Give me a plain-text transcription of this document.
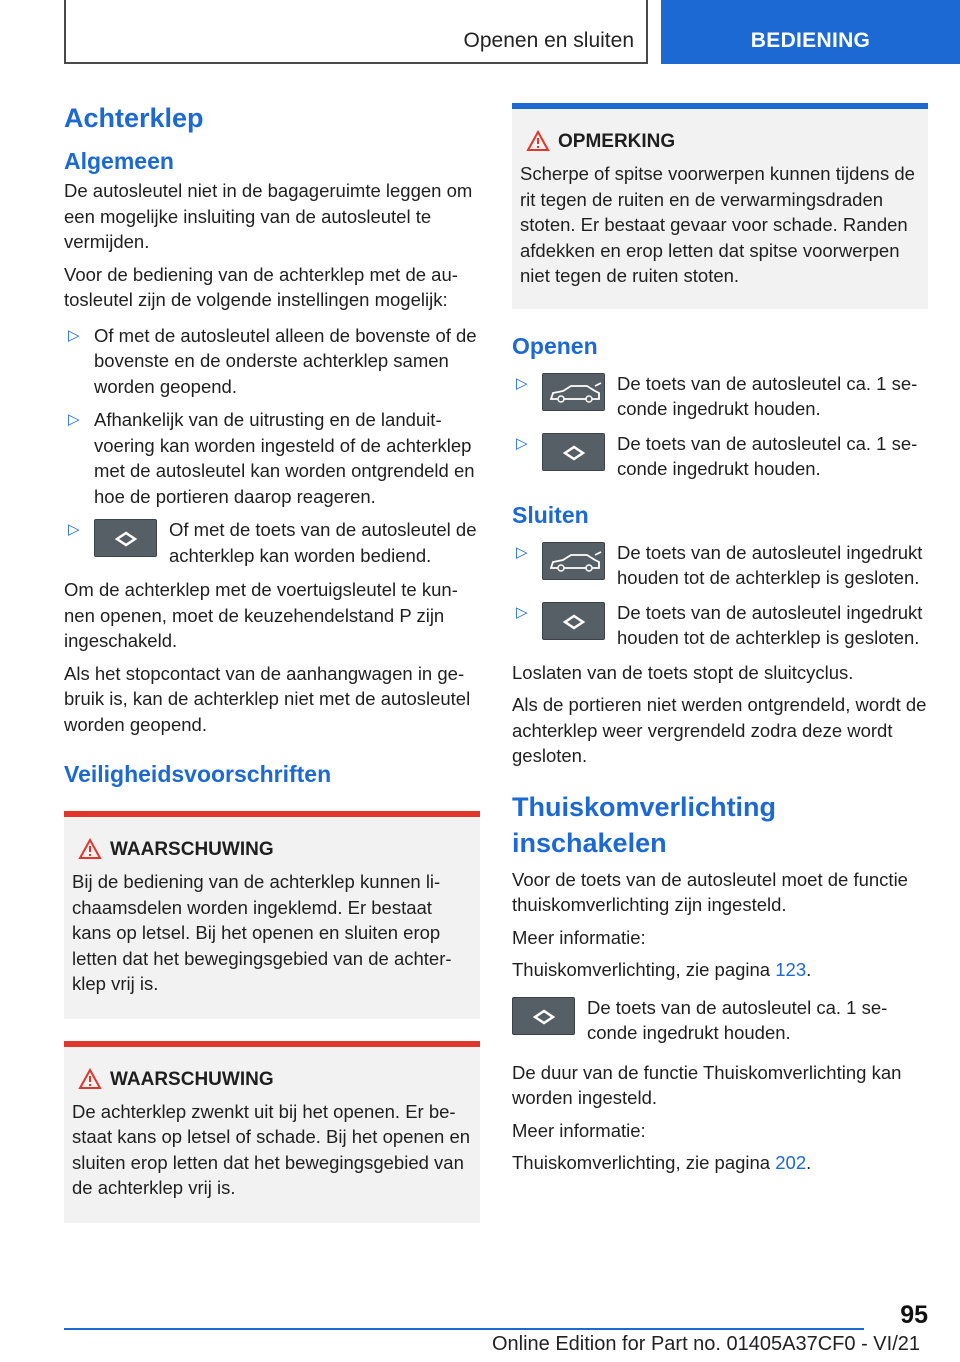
Openen en sluiten	BEDIENING
Achterklep
Algemeen

De autosleutel niet in de bagageruimte leggen om een mogelijke insluiting van de autosleutel te vermijden.

Voor de bediening van de achterklep met de autosleutel zijn de volgende instellingen mogelijk:

▷ Of met de autosleutel alleen de bovenste of de bovenste en de onderste achterklep samen worden geopend.
▷ Afhankelijk van de uitrusting en de landuitvoering kan worden ingesteld of de achterklep met de autosleutel kan worden ontgrendeld en hoe de portieren daarop reageren.
▷	Of met de toets van de autosleutel de achterklep kan worden bediend.

Om de achterklep met de voertuigsleutel te kunnen openen, moet de keuzehendelstand P zijn ingeschakeld.

Als het stopcontact van de aanhangwagen in gebruik is, kan de achterklep niet met de autosleutel worden geopend.

Veiligheidsvoorschriften
WAARSCHUWING

Bij de bediening van de achterklep kunnen lichaamsdelen worden ingeklemd. Er bestaat kans op letsel. Bij het openen en sluiten erop letten dat het bewegingsgebied van de achterklep vrij is.

WAARSCHUWING

De achterklep zwenkt uit bij het openen. Er bestaat kans op letsel of schade. Bij het openen en sluiten erop letten dat het bewegingsgebied van de achterklep vrij is.

OPMERKING

Scherpe of spitse voorwerpen kunnen tijdens de rit tegen de ruiten en de verwarmingsdraden stoten. Er bestaat gevaar voor schade. Randen afdekken en erop letten dat spitse voorwerpen niet tegen de ruiten stoten.

Openen
▷	De toets van de autosleutel ca. 1 seconde ingedrukt houden.
▷	De toets van de autosleutel ca. 1 seconde ingedrukt houden.
Sluiten
▷	De toets van de autosleutel ingedrukt houden tot de achterklep is gesloten.
▷	De toets van de autosleutel ingedrukt houden tot de achterklep is gesloten.

Loslaten van de toets stopt de sluitcyclus.

Als de portieren niet werden ontgrendeld, wordt de achterklep weer vergrendeld zodra deze wordt gesloten.

Thuiskomverlichting inschakelen

Voor de toets van de autosleutel moet de functie thuiskomverlichting zijn ingesteld.

Meer informatie:

Thuiskomverlichting, zie pagina 123.

De toets van de autosleutel ca. 1 seconde ingedrukt houden.

De duur van de functie Thuiskomverlichting kan worden ingesteld.

Meer informatie:

Thuiskomverlichting, zie pagina 202.

95
Online Edition for Part no. 01405A37CF0 - VI/21
